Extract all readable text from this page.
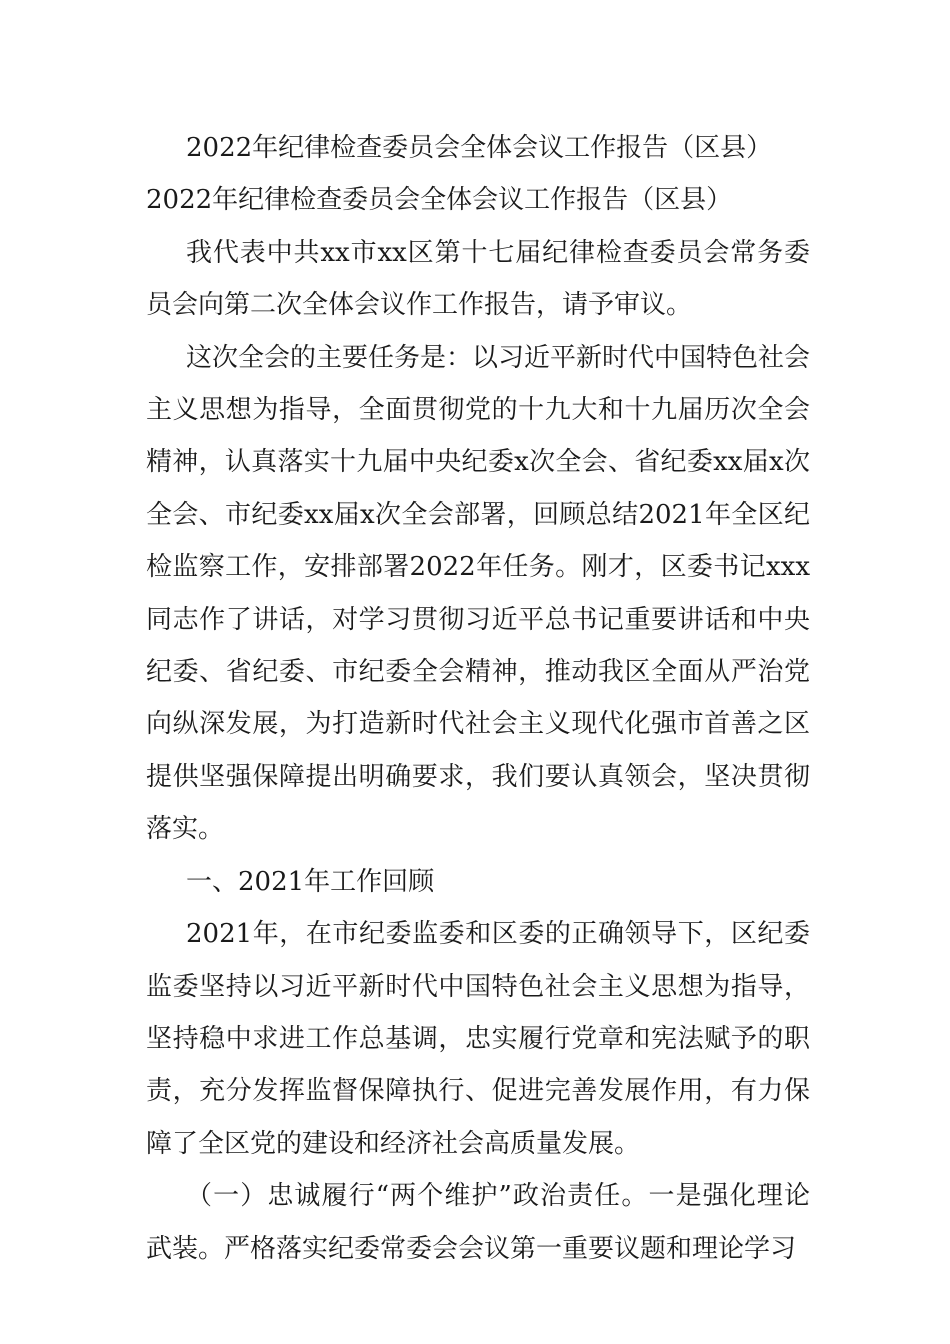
2022年纪律检查委员会全体会议工作报告（区县）

2022年纪律检查委员会全体会议工作报告（区县）

我代表中共xx市xx区第十七届纪律检查委员会常务委员会向第二次全体会议作工作报告，请予审议。

这次全会的主要任务是：以习近平新时代中国特色社会主义思想为指导，全面贯彻党的十九大和十九届历次全会精神，认真落实十九届中央纪委x次全会、省纪委xx届x次全会、市纪委xx届x次全会部署，回顾总结2021年全区纪检监察工作，安排部署2022年任务。刚才，区委书记xxx同志作了讲话，对学习贯彻习近平总书记重要讲话和中央纪委、省纪委、市纪委全会精神，推动我区全面从严治党向纵深发展，为打造新时代社会主义现代化强市首善之区提供坚强保障提出明确要求，我们要认真领会，坚决贯彻落实。

一、2021年工作回顾

2021年，在市纪委监委和区委的正确领导下，区纪委监委坚持以习近平新时代中国特色社会主义思想为指导，坚持稳中求进工作总基调，忠实履行党章和宪法赋予的职责，充分发挥监督保障执行、促进完善发展作用，有力保障了全区党的建设和经济社会高质量发展。

（一）忠诚履行“两个维护”政治责任。一是强化理论武装。严格落实纪委常委会会议第一重要议题和理论学习
